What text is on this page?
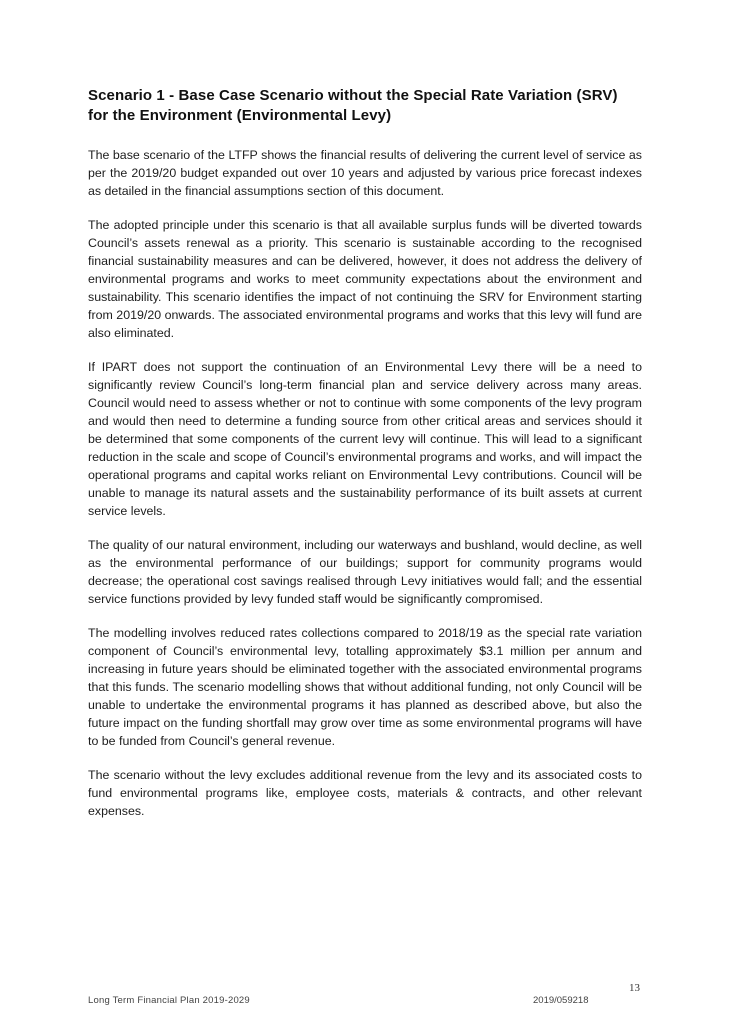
Scenario 1 - Base Case Scenario without the Special Rate Variation (SRV) for the Environment (Environmental Levy)

The base scenario of the LTFP shows the financial results of delivering the current level of service as per the 2019/20 budget expanded out over 10 years and adjusted by various price forecast indexes as detailed in the financial assumptions section of this document.

The adopted principle under this scenario is that all available surplus funds will be diverted towards Council’s assets renewal as a priority. This scenario is sustainable according to the recognised financial sustainability measures and can be delivered, however, it does not address the delivery of environmental programs and works to meet community expectations about the environment and sustainability. This scenario identifies the impact of not continuing the SRV for Environment starting from 2019/20 onwards. The associated environmental programs and works that this levy will fund are also eliminated.

If IPART does not support the continuation of an Environmental Levy there will be a need to significantly review Council’s long-term financial plan and service delivery across many areas. Council would need to assess whether or not to continue with some components of the levy program and would then need to determine a funding source from other critical areas and services should it be determined that some components of the current levy will continue. This will lead to a significant reduction in the scale and scope of Council’s environmental programs and works, and will impact the operational programs and capital works reliant on Environmental Levy contributions. Council will be unable to manage its natural assets and the sustainability performance of its built assets at current service levels.

The quality of our natural environment, including our waterways and bushland, would decline, as well as the environmental performance of our buildings; support for community programs would decrease; the operational cost savings realised through Levy initiatives would fall; and the essential service functions provided by levy funded staff would be significantly compromised.

The modelling involves reduced rates collections compared to 2018/19 as the special rate variation component of Council’s environmental levy, totalling approximately $3.1 million per annum and increasing in future years should be eliminated together with the associated environmental programs that this funds. The scenario modelling shows that without additional funding, not only Council will be unable to undertake the environmental programs it has planned as described above, but also the future impact on the funding shortfall may grow over time as some environmental programs will have to be funded from Council’s general revenue.

The scenario without the levy excludes additional revenue from the levy and its associated costs to fund environmental programs like, employee costs, materials & contracts, and other relevant expenses.

13
Long Term Financial Plan 2019-2029	2019/059218
